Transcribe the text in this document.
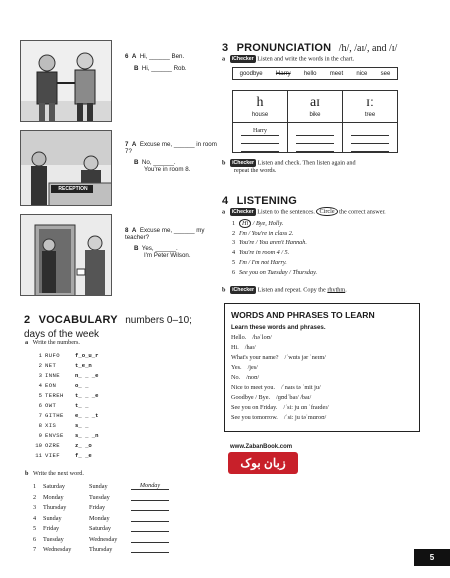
6 A Hi, ______ Ben.
B Hi, ______ Rob.
RECEPTION
7 A Excuse me, ______ in room 7?
B No, ______.
You're in room 8.
8 A Excuse me, ______ my teacher?
B Yes, ______.
I'm Peter Wilson.
2 VOCABULARY numbers 0–10;
days of the week
a Write the numbers.
1 RUFO	f_o_u_r
2 NET	t_e_n
3 INNE	n_ _ _e
4 EON	o_ _
5 TEREH	t_ _ _e
6 OWT	t_ _
7 GITHE	e_ _ _t
8 XIS	s_ _
9 ENVSE	s_ _ _n
10 OZRE	z_ _o
11 VIEF	f_ _e
b Write the next word.
1	Saturday	Sunday	Monday
2	Monday	Tuesday
3	Thursday	Friday
4	Sunday	Monday
5	Friday	Saturday
6	Tuesday	Wednesday
7	Wednesday	Thursday
3 PRONUNCIATION /h/, /aɪ/, and /ɪ/
a iChecker Listen and write the words in the chart.
goodbye Harry hello meet nice see
h
house
Harry
aɪ
bike
ɪː
tree
b iChecker Listen and check. Then listen again and
repeat the words.
4 LISTENING
a iChecker Listen to the sentences. Circle the correct answer.
1 Hi / Bye, Holly.
2 I'm / You're in class 2.
3 You're / You aren't Hannah.
4 You're in room 4 / 5.
5 I'm / I'm not Harry.
6 See you on Tuesday / Thursday.
b iChecker Listen and repeat. Copy the rhythm.
WORDS AND PHRASES TO LEARN
Learn these words and phrases.
Hello. /həˈloʊ/
Hi. /haɪ/
What's your name? /ˈwɑts jər ˈneɪm/
Yes. /jes/
No. /noʊ/
Nice to meet you. /ˈnaɪs tə ˈmit ju/
Goodbye / Bye. /ɡʊdˈbaɪ/ /baɪ/
See you on Friday. /ˈsi: ju ɑn ˈfraɪdeɪ/
See you tomorrow. /ˈsi: ju təˈmɑroʊ/
www.ZabanBook.com
زبان بوک
5
